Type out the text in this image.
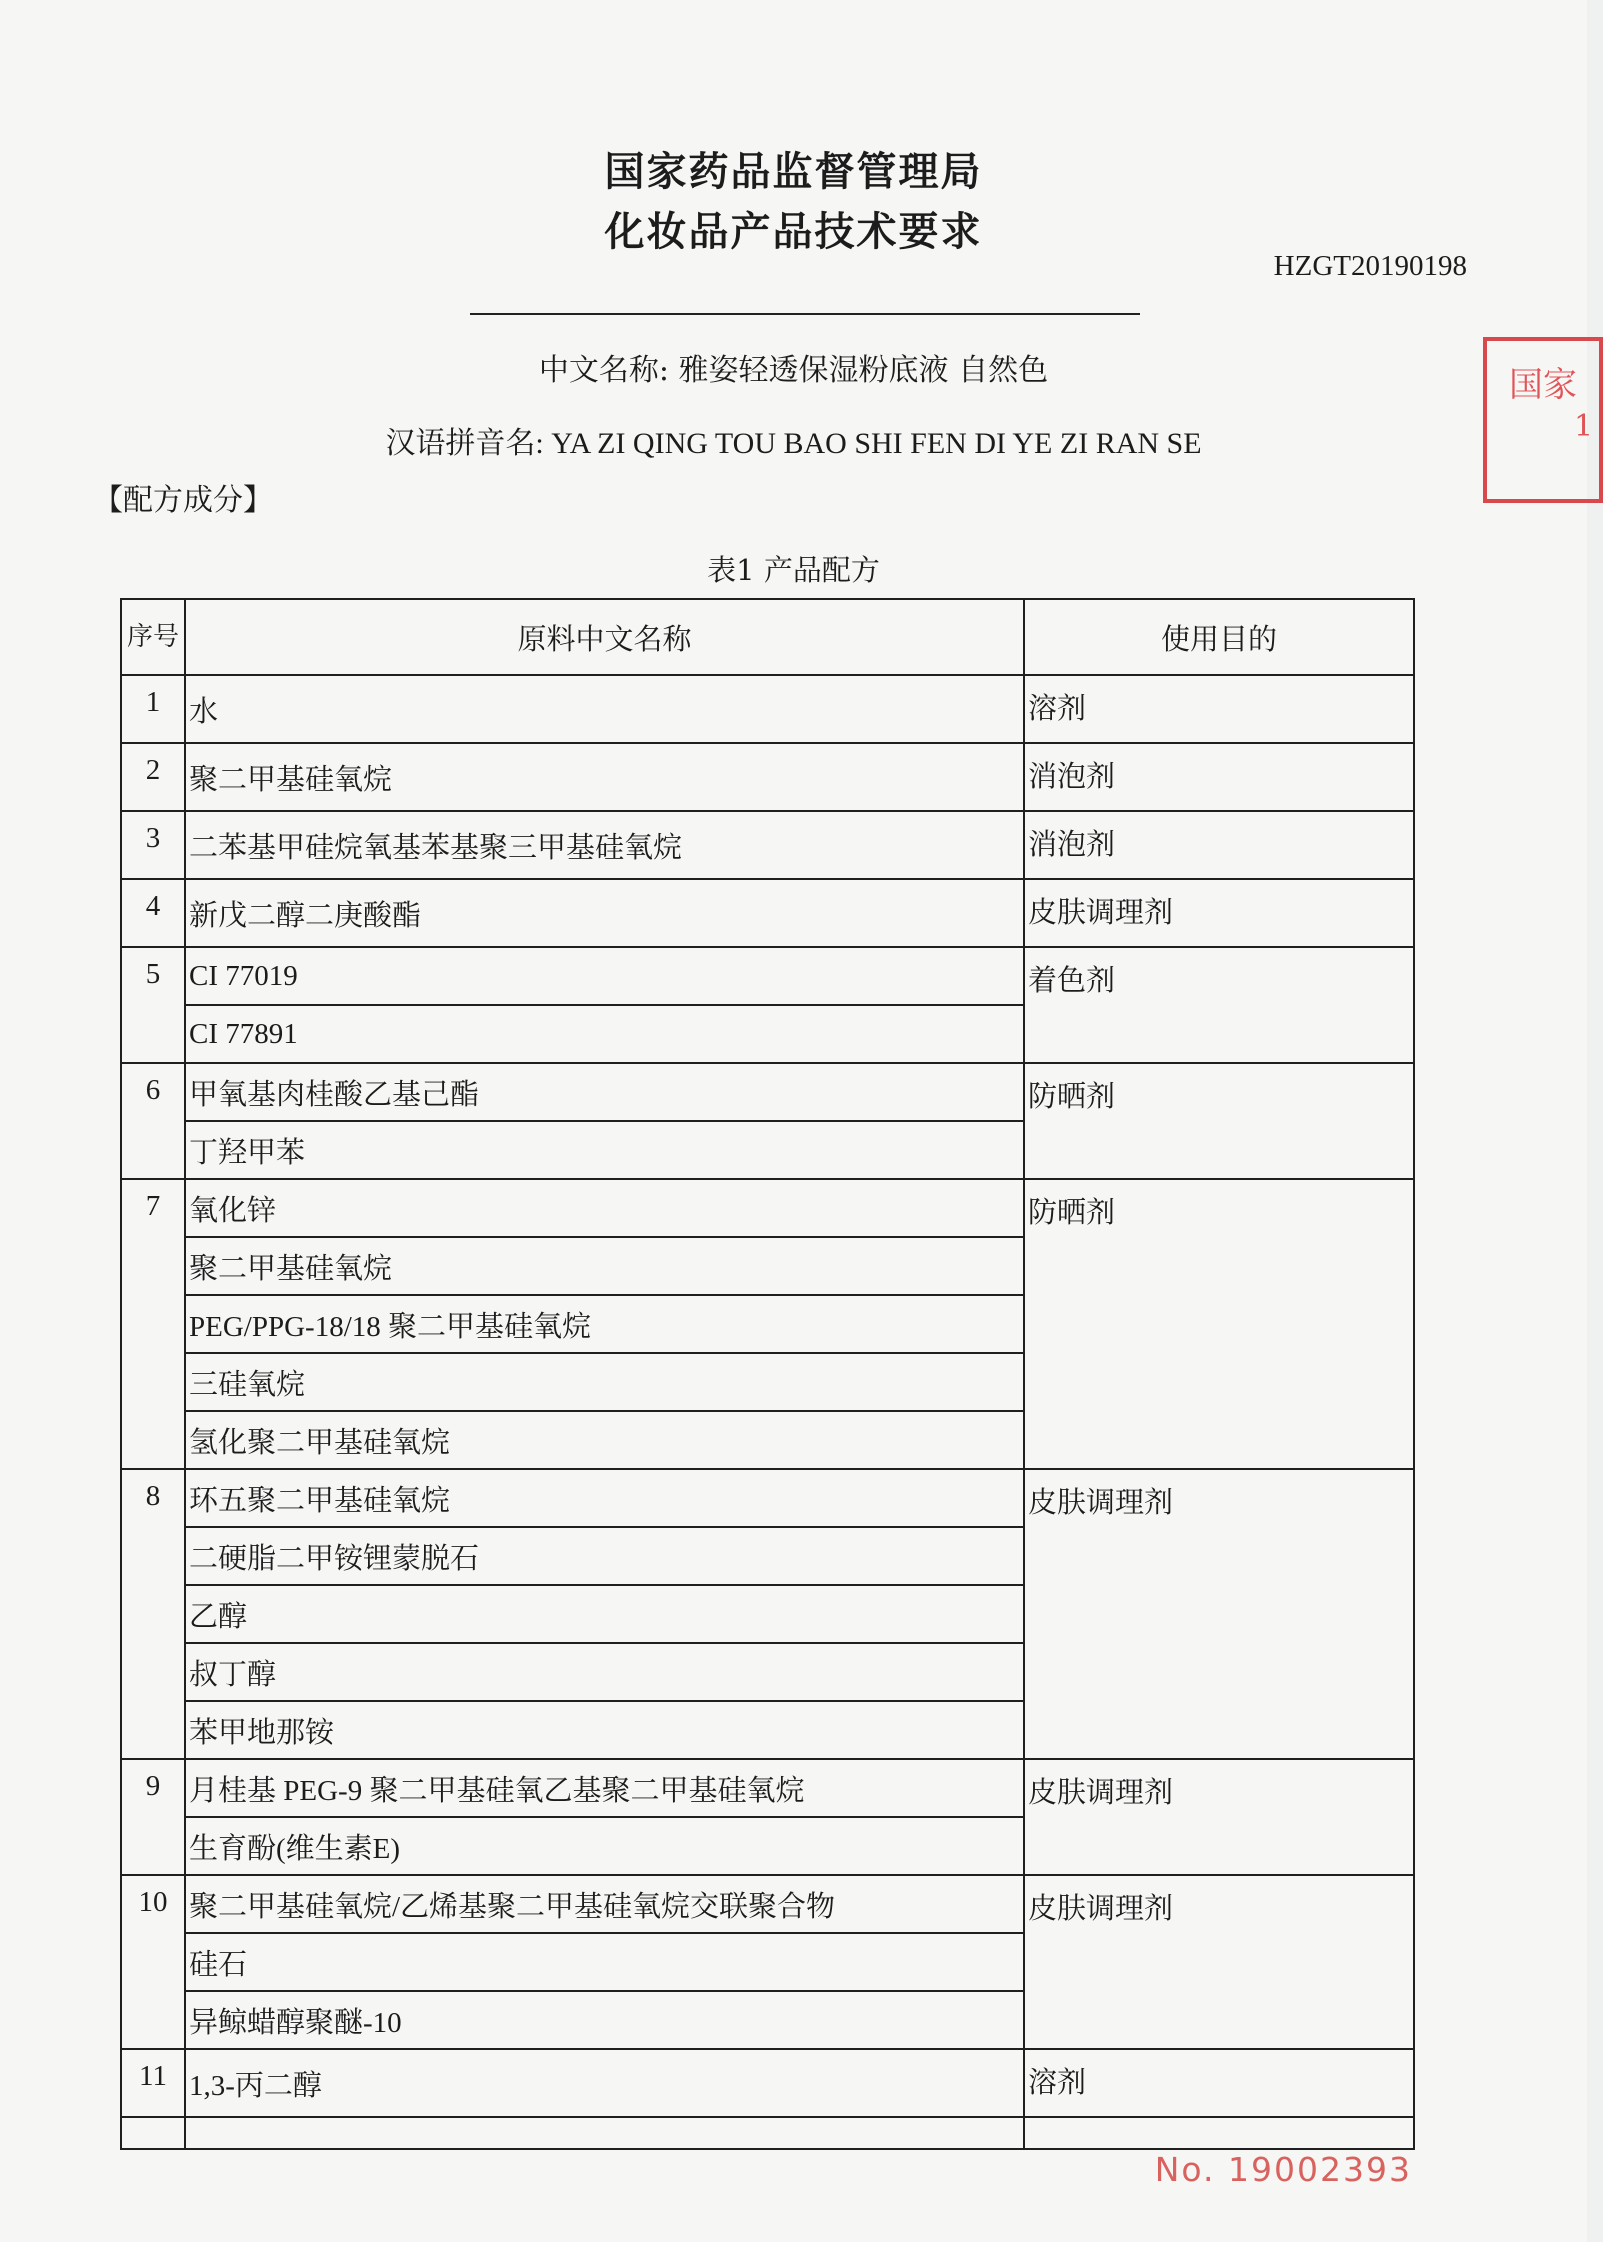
国家药品监督管理局
化妆品产品技术要求
HZGT20190198
中文名称: 雅姿轻透保湿粉底液 自然色
汉语拼音名: YA ZI QING TOU BAO SHI FEN DI YE ZI RAN SE
国家
1
【配方成分】
表1 产品配方
序号	原料中文名称	使用目的
1	水	溶剂
2	聚二甲基硅氧烷	消泡剂
3	二苯基甲硅烷氧基苯基聚三甲基硅氧烷	消泡剂
4	新戊二醇二庚酸酯	皮肤调理剂
5	CI 77019	着色剂
	CI 77891	
6	甲氧基肉桂酸乙基己酯	防晒剂
	丁羟甲苯	
7	氧化锌	防晒剂
	聚二甲基硅氧烷	
	PEG/PPG-18/18 聚二甲基硅氧烷	
	三硅氧烷	
	氢化聚二甲基硅氧烷	
8	环五聚二甲基硅氧烷	皮肤调理剂
	二硬脂二甲铵锂蒙脱石	
	乙醇	
	叔丁醇	
	苯甲地那铵	
9	月桂基 PEG-9 聚二甲基硅氧乙基聚二甲基硅氧烷	皮肤调理剂
	生育酚(维生素E)	
10	聚二甲基硅氧烷/乙烯基聚二甲基硅氧烷交联聚合物	皮肤调理剂
	硅石	
	异鲸蜡醇聚醚-10	
11	1,3-丙二醇	溶剂

No. 19002393
